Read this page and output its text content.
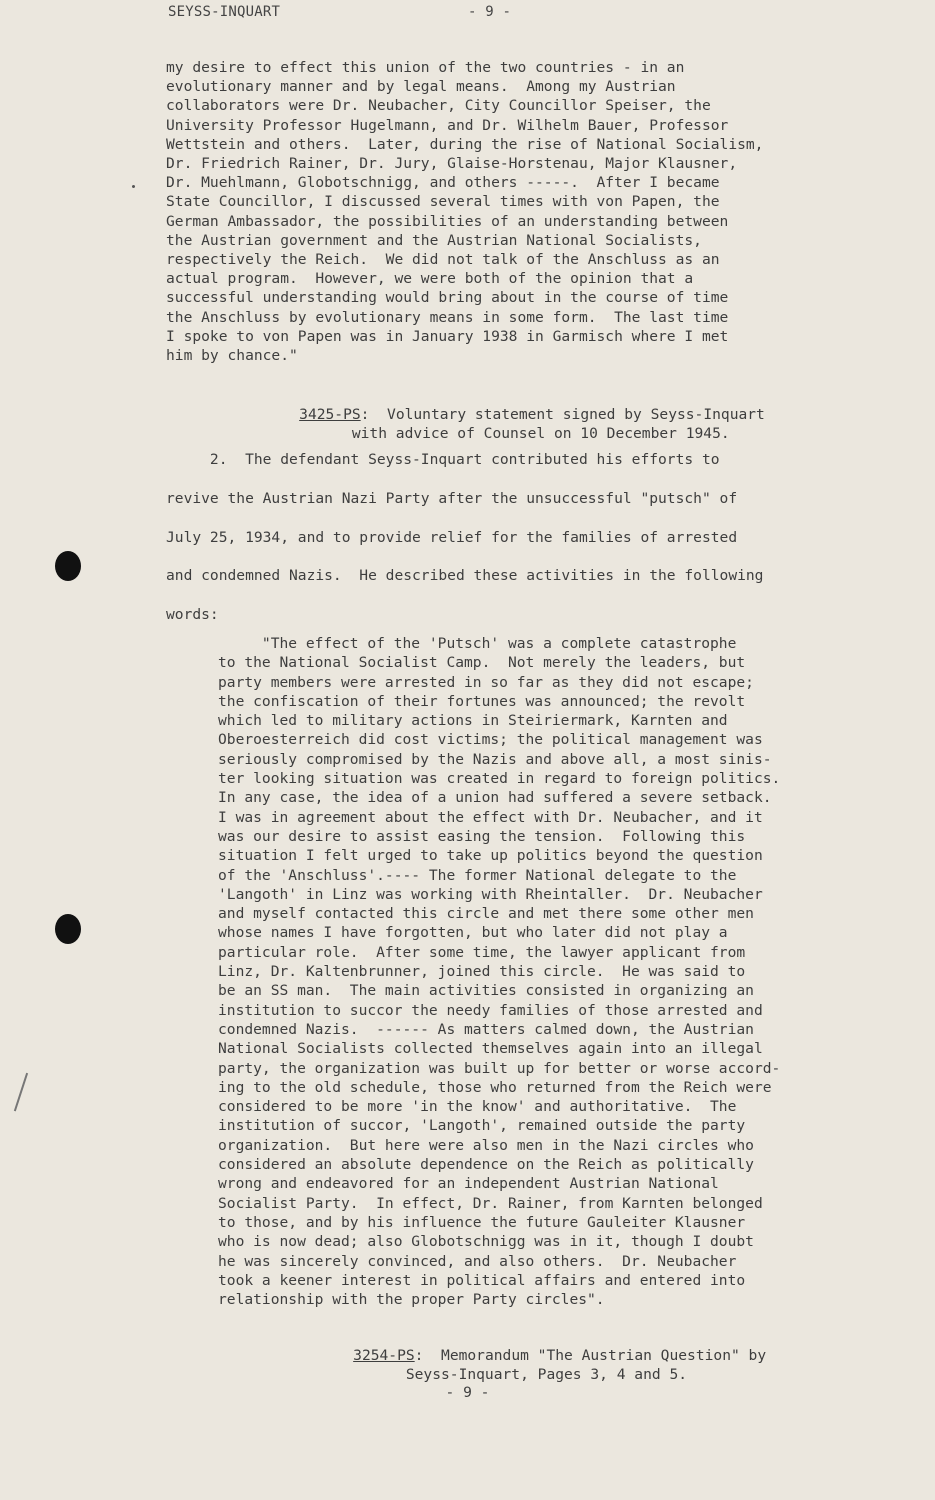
SEYSS-INQUART	- 9 -
my desire to effect this union of the two countries - in an
evolutionary manner and by legal means.  Among my Austrian
collaborators were Dr. Neubacher, City Councillor Speiser, the
University Professor Hugelmann, and Dr. Wilhelm Bauer, Professor
Wettstein and others.  Later, during the rise of National Socialism,
Dr. Friedrich Rainer, Dr. Jury, Glaise-Horstenau, Major Klausner,
Dr. Muehlmann, Globotschnigg, and others -----.  After I became
State Councillor, I discussed several times with von Papen, the
German Ambassador, the possibilities of an understanding between
the Austrian government and the Austrian National Socialists,
respectively the Reich.  We did not talk of the Anschluss as an
actual program.  However, we were both of the opinion that a
successful understanding would bring about in the course of time
the Anschluss by evolutionary means in some form.  The last time
I spoke to von Papen was in January 1938 in Garmisch where I met
him by chance."

3425-PS:  Voluntary statement signed by Seyss-Inquart
with advice of Counsel on 10 December 1945.

2.  The defendant Seyss-Inquart contributed his efforts to
revive the Austrian Nazi Party after the unsuccessful "putsch" of
July 25, 1934, and to provide relief for the families of arrested
and condemned Nazis.  He described these activities in the following
words:
"The effect of the 'Putsch' was a complete catastrophe
to the National Socialist Camp.  Not merely the leaders, but
party members were arrested in so far as they did not escape;
the confiscation of their fortunes was announced; the revolt
which led to military actions in Steiriermark, Karnten and
Oberoesterreich did cost victims; the political management was
seriously compromised by the Nazis and above all, a most sinis-
ter looking situation was created in regard to foreign politics.
In any case, the idea of a union had suffered a severe setback.
I was in agreement about the effect with Dr. Neubacher, and it
was our desire to assist easing the tension.  Following this
situation I felt urged to take up politics beyond the question
of the 'Anschluss'.---- The former National delegate to the
'Langoth' in Linz was working with Rheintaller.  Dr. Neubacher
and myself contacted this circle and met there some other men
whose names I have forgotten, but who later did not play a
particular role.  After some time, the lawyer applicant from
Linz, Dr. Kaltenbrunner, joined this circle.  He was said to
be an SS man.  The main activities consisted in organizing an
institution to succor the needy families of those arrested and
condemned Nazis.  ------ As matters calmed down, the Austrian
National Socialists collected themselves again into an illegal
party, the organization was built up for better or worse accord-
ing to the old schedule, those who returned from the Reich were
considered to be more 'in the know' and authoritative.  The
institution of succor, 'Langoth', remained outside the party
organization.  But here were also men in the Nazi circles who
considered an absolute dependence on the Reich as politically
wrong and endeavored for an independent Austrian National
Socialist Party.  In effect, Dr. Rainer, from Karnten belonged
to those, and by his influence the future Gauleiter Klausner
who is now dead; also Globotschnigg was in it, though I doubt
he was sincerely convinced, and also others.  Dr. Neubacher
took a keener interest in political affairs and entered into
relationship with the proper Party circles".

3254-PS:  Memorandum "The Austrian Question" by
Seyss-Inquart, Pages 3, 4 and 5.

- 9 -
